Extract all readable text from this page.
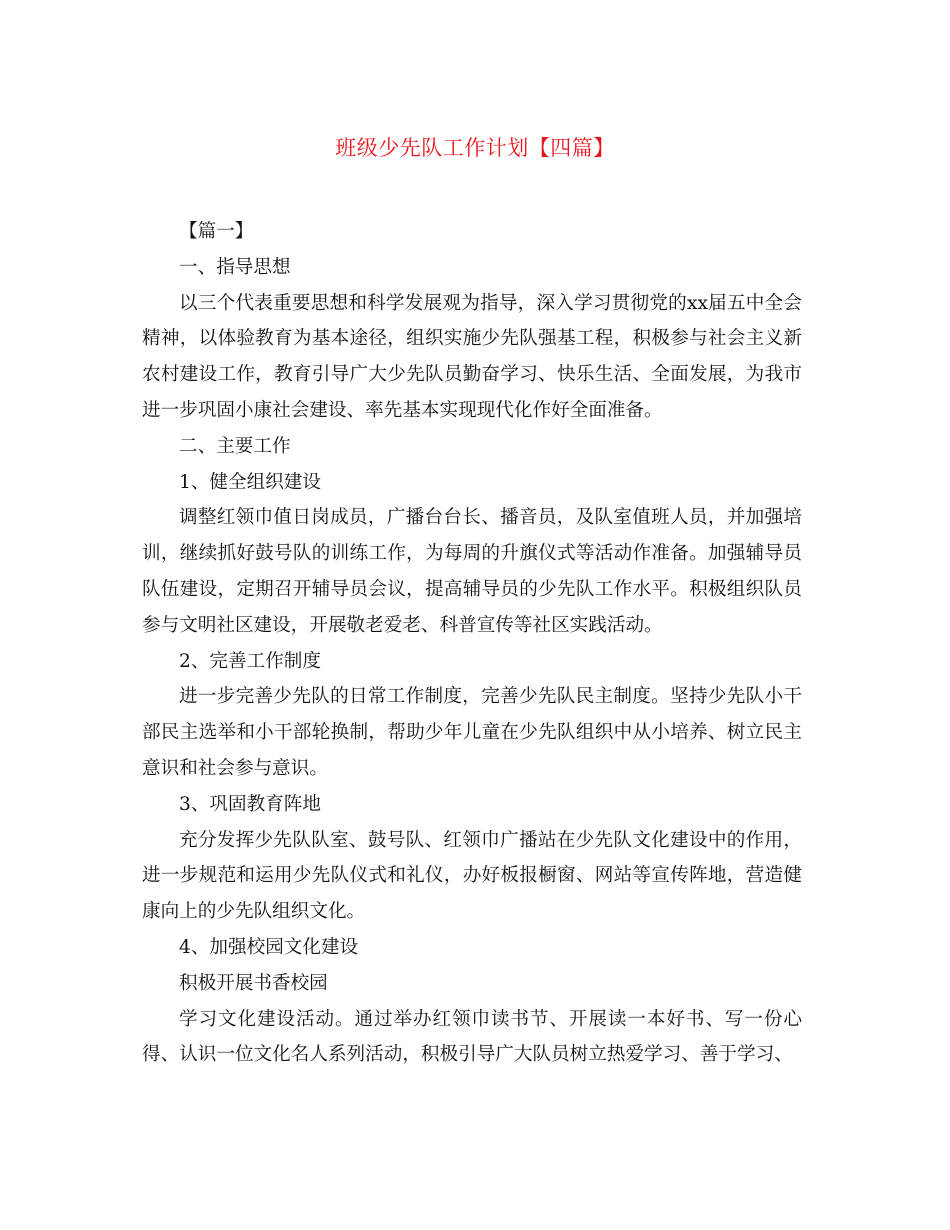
班级少先队工作计划【四篇】

【篇一】

一、指导思想

以三个代表重要思想和科学发展观为指导，深入学习贯彻党的xx届五中全会精神，以体验教育为基本途径，组织实施少先队强基工程，积极参与社会主义新农村建设工作，教育引导广大少先队员勤奋学习、快乐生活、全面发展，为我市进一步巩固小康社会建设、率先基本实现现代化作好全面准备。

二、主要工作

1、健全组织建设

调整红领巾值日岗成员，广播台台长、播音员，及队室值班人员，并加强培训，继续抓好鼓号队的训练工作，为每周的升旗仪式等活动作准备。加强辅导员队伍建设，定期召开辅导员会议，提高辅导员的少先队工作水平。积极组织队员参与文明社区建设，开展敬老爱老、科普宣传等社区实践活动。

2、完善工作制度

进一步完善少先队的日常工作制度，完善少先队民主制度。坚持少先队小干部民主选举和小干部轮换制，帮助少年儿童在少先队组织中从小培养、树立民主意识和社会参与意识。

3、巩固教育阵地

充分发挥少先队队室、鼓号队、红领巾广播站在少先队文化建设中的作用，进一步规范和运用少先队仪式和礼仪，办好板报橱窗、网站等宣传阵地，营造健康向上的少先队组织文化。

4、加强校园文化建设

积极开展书香校园

学习文化建设活动。通过举办红领巾读书节、开展读一本好书、写一份心得、认识一位文化名人系列活动，积极引导广大队员树立热爱学习、善于学习、
